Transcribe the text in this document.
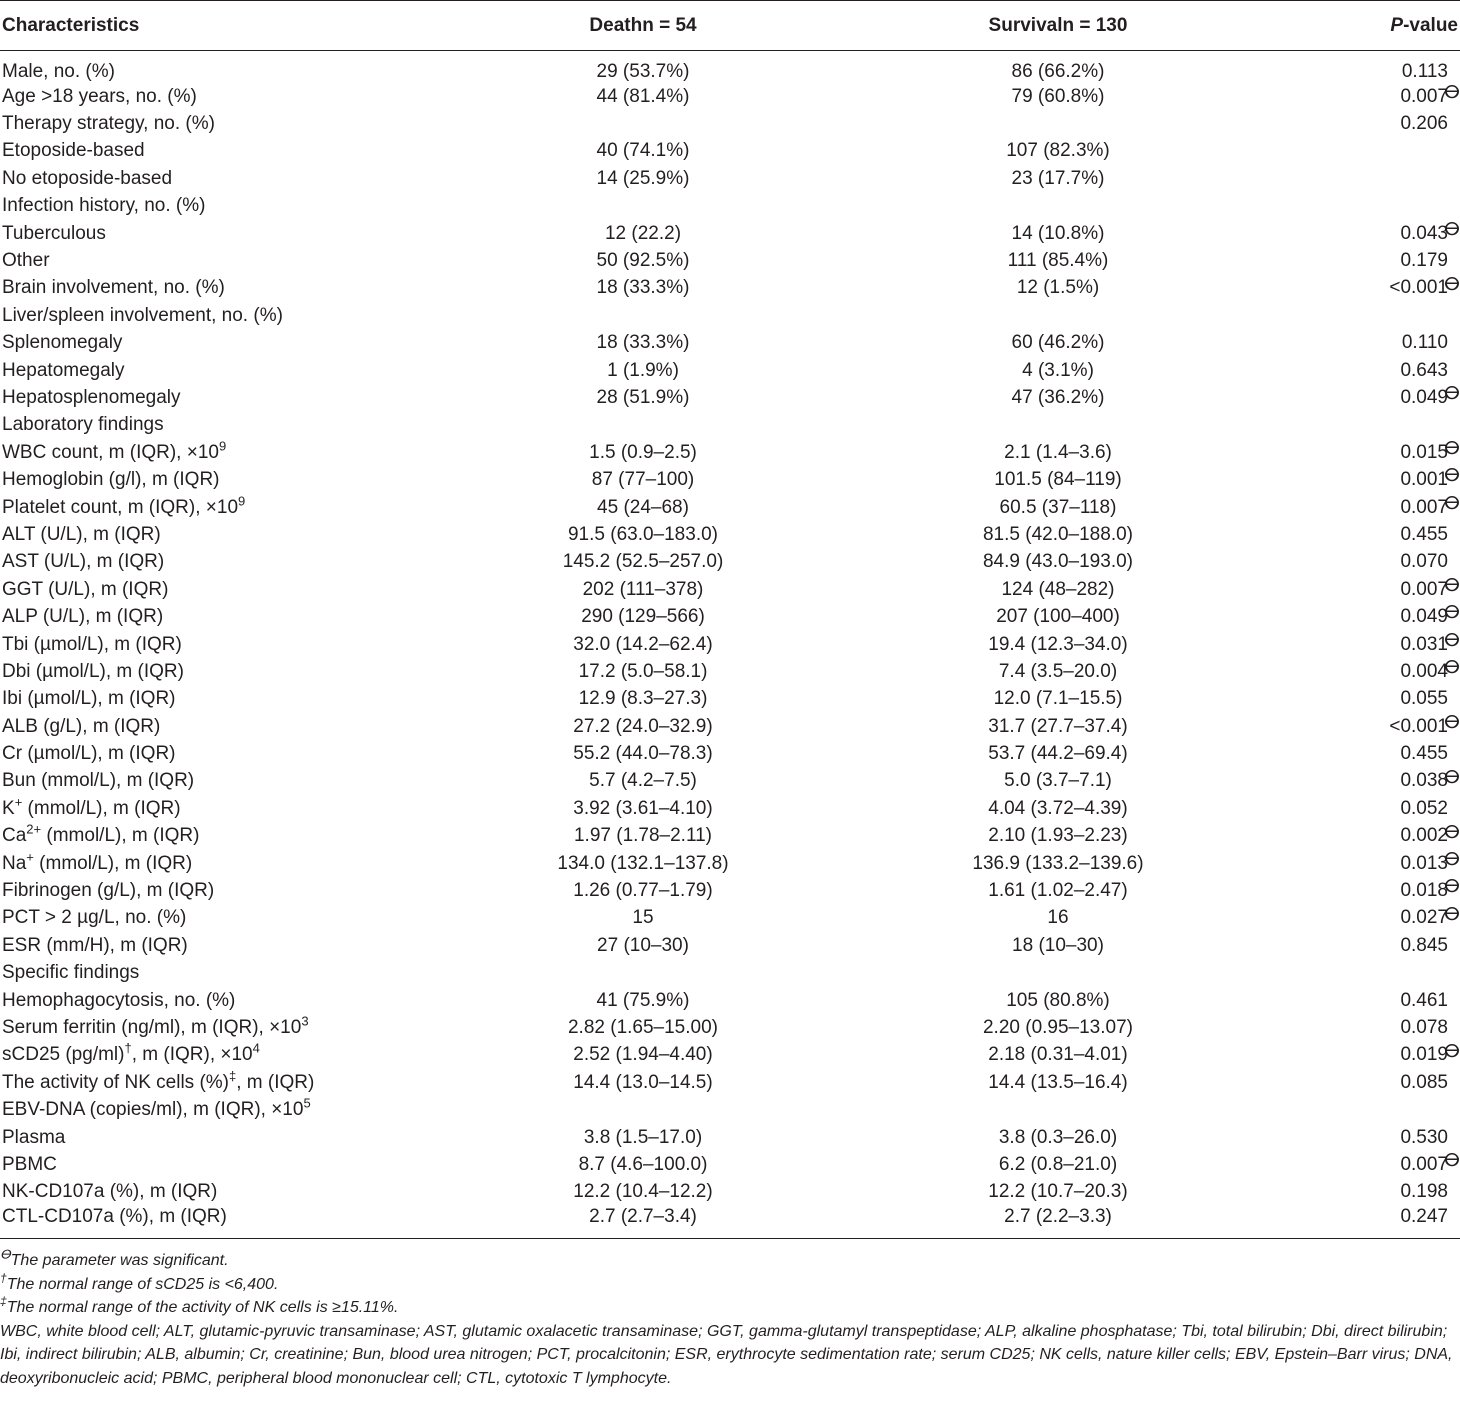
Characteristics	Deathn = 54	Survivaln = 130	P-value
Male, no. (%)	29 (53.7%)	86 (66.2%)	0.113
Age >18 years, no. (%)	44 (81.4%)	79 (60.8%)	0.007
ⴱ

Therapy strategy, no. (%)			0.206
Etoposide-based	40 (74.1%)	107 (82.3%)	
No etoposide-based	14 (25.9%)	23 (17.7%)	
Infection history, no. (%)			
Tuberculous	12 (22.2)	14 (10.8%)	0.043
ⴱ

Other	50 (92.5%)	111 (85.4%)	0.179
Brain involvement, no. (%)	18 (33.3%)	12 (1.5%)	<0.001
ⴱ

Liver/spleen involvement, no. (%)			
Splenomegaly	18 (33.3%)	60 (46.2%)	0.110
Hepatomegaly	1 (1.9%)	4 (3.1%)	0.643
Hepatosplenomegaly	28 (51.9%)	47 (36.2%)	0.049
ⴱ

Laboratory findings			
WBC count, m (IQR), $\times 10^9$	1.5 (0.9–2.5)	2.1 (1.4–3.6)	0.015
ⴱ

Hemoglobin (g/l), m (IQR)	87 (77–100)	101.5 (84–119)	0.001
ⴱ

Platelet count, m (IQR), $\times 10^9$	45 (24–68)	60.5 (37–118)	0.007
ⴱ

ALT (U/L), m (IQR)	91.5 (63.0–183.0)	81.5 (42.0–188.0)	0.455
AST (U/L), m (IQR)	145.2 (52.5–257.0)	84.9 (43.0–193.0)	0.070
GGT (U/L), m (IQR)	202 (111–378)	124 (48–282)	0.007
ⴱ

ALP (U/L), m (IQR)	290 (129–566)	207 (100–400)	0.049
ⴱ

Tbi (µmol/L), m (IQR)	32.0 (14.2–62.4)	19.4 (12.3–34.0)	0.031
ⴱ

Dbi (µmol/L), m (IQR)	17.2 (5.0–58.1)	7.4 (3.5–20.0)	0.004
ⴱ

Ibi (µmol/L), m (IQR)	12.9 (8.3–27.3)	12.0 (7.1–15.5)	0.055
ALB (g/L), m (IQR)	27.2 (24.0–32.9)	31.7 (27.7–37.4)	<0.001
ⴱ

Cr (µmol/L), m (IQR)	55.2 (44.0–78.3)	53.7 (44.2–69.4)	0.455
Bun (mmol/L), m (IQR)	5.7 (4.2–7.5)	5.0 (3.7–7.1)	0.038
ⴱ

K+ (mmol/L), m (IQR)	3.92 (3.61–4.10)	4.04 (3.72–4.39)	0.052
$Ca^{2+}$ (mmol/L), m (IQR)	1.97 (1.78–2.11)	2.10 (1.93–2.23)	0.002
ⴱ

Na+ (mmol/L), m (IQR)	134.0 (132.1–137.8)	136.9 (133.2–139.6)	0.013
ⴱ

Fibrinogen (g/L), m (IQR)	1.26 (0.77–1.79)	1.61 (1.02–2.47)	0.018
ⴱ

PCT > 2 µg/L, no. (%)	15	16	0.027
ⴱ

ESR (mm/H), m (IQR)	27 (10–30)	18 (10–30)	0.845
Specific findings			
Hemophagocytosis, no. (%)	41 (75.9%)	105 (80.8%)	0.461
Serum ferritin (ng/ml), m (IQR), $\times 10^3$	2.82 (1.65–15.00)	2.20 (0.95–13.07)	0.078
sCD25 (pg/ml)†, m (IQR), $\times 10^4$	2.52 (1.94–4.40)	2.18 (0.31–4.01)	0.019
ⴱ

The activity of NK cells (%)‡, m (IQR)	14.4 (13.0–14.5)	14.4 (13.5–16.4)	0.085
EBV-DNA (copies/ml), m (IQR), $\times 10^5$			
Plasma	3.8 (1.5–17.0)	3.8 (0.3–26.0)	0.530
PBMC	8.7 (4.6–100.0)	6.2 (0.8–21.0)	0.007
ⴱ

NK-CD107a (%), m (IQR)	12.2 (10.4–12.2)	12.2 (10.7–20.3)	0.198
CTL-CD107a (%), m (IQR)	2.7 (2.7–3.4)	2.7 (2.2–3.3)	0.247
$^ⴱ$The parameter was significant.
†The normal range of sCD25 is <6,400.
‡The normal range of the activity of NK cells is ≥15.11%.
WBC, white blood cell; ALT, glutamic-pyruvic transaminase; AST, glutamic oxalacetic transaminase; GGT, gamma-glutamyl transpeptidase; ALP, alkaline phosphatase; Tbi, total bilirubin; Dbi, direct bilirubin; Ibi, indirect bilirubin; ALB, albumin; Cr, creatinine; Bun, blood urea nitrogen; PCT, procalcitonin; ESR, erythrocyte sedimentation rate; serum CD25; NK cells, nature killer cells; EBV, Epstein–Barr virus; DNA, deoxyribonucleic acid; PBMC, peripheral blood mononuclear cell; CTL, cytotoxic T lymphocyte.
